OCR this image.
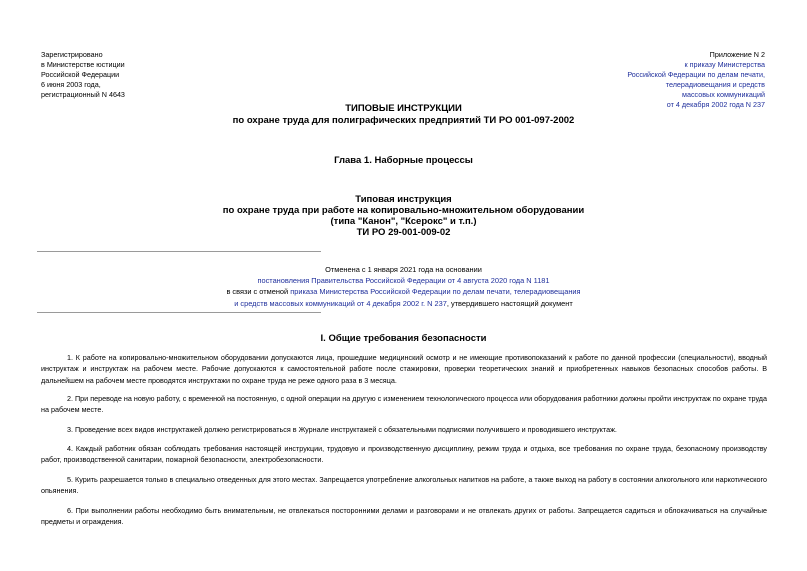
Зарегистрировано
в Министерстве юстиции
Российской Федерации
6 июня 2003 года,
регистрационный N 4643
Приложение N 2
к приказу Министерства
Российской Федерации по делам печати,
телерадиовещания и средств
массовых коммуникаций
от 4 декабря 2002 года N 237
ТИПОВЫЕ ИНСТРУКЦИИ
по охране труда для полиграфических предприятий ТИ РО 001-097-2002
Глава 1. Наборные процессы
Типовая инструкция
по охране труда при работе на копировально-множительном оборудовании
(типа "Канон", "Ксерокс" и т.п.)
ТИ РО 29-001-009-02
Отменена с 1 января 2021 года на основании
постановления Правительства Российской Федерации от 4 августа 2020 года N 1181
в связи с отменой приказа Министерства Российской Федерации по делам печати, телерадиовещания
и средств массовых коммуникаций от 4 декабря 2002 г. N 237, утвердившего настоящий документ
I. Общие требования безопасности
1. К работе на копировально-множительном оборудовании допускаются лица, прошедшие медицинский осмотр и не имеющие противопоказаний к работе по данной профессии (специальности), вводный инструктаж и инструктаж на рабочем месте. Рабочие допускаются к самостоятельной работе после стажировки, проверки теоретических знаний и приобретенных навыков безопасных способов работы. В дальнейшем на рабочем месте проводятся инструктажи по охране труда не реже одного раза в 3 месяца.
2. При переводе на новую работу, с временной на постоянную, с одной операции на другую с изменением технологического процесса или оборудования работники должны пройти инструктаж по охране труда на рабочем месте.
3. Проведение всех видов инструктажей должно регистрироваться в Журнале инструктажей с обязательными подписями получившего и проводившего инструктаж.
4. Каждый работник обязан соблюдать требования настоящей инструкции, трудовую и производственную дисциплину, режим труда и отдыха, все требования по охране труда, безопасному производству работ, производственной санитарии, пожарной безопасности, электробезопасности.
5. Курить разрешается только в специально отведенных для этого местах. Запрещается употребление алкогольных напитков на работе, а также выход на работу в состоянии алкогольного или наркотического опьянения.
6. При выполнении работы необходимо быть внимательным, не отвлекаться посторонними делами и разговорами и не отвлекать других от работы. Запрещается садиться и облокачиваться на случайные предметы и ограждения.
